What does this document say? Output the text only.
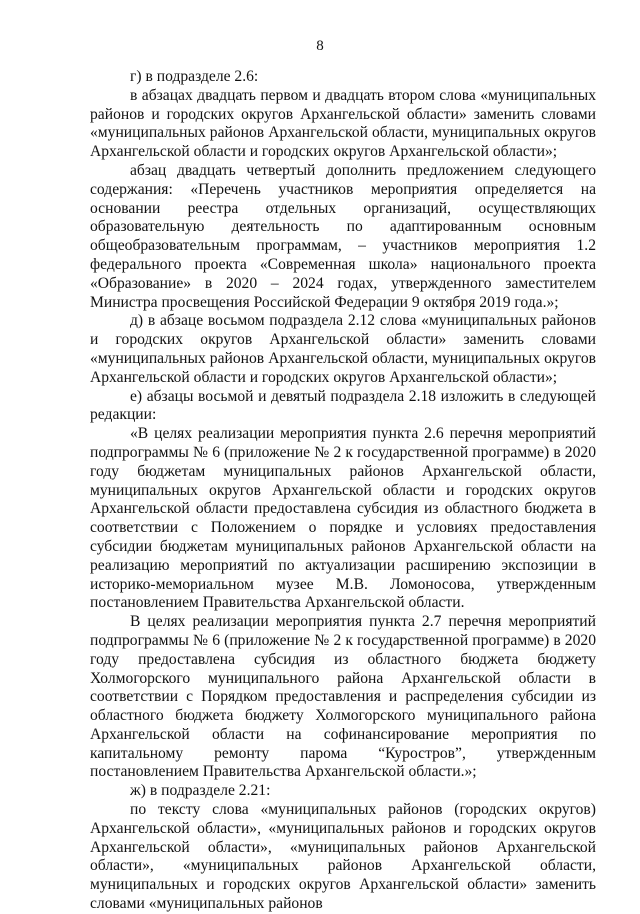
8

г) в подразделе 2.6:

в абзацах двадцать первом и двадцать втором слова «муниципальных районов и городских округов Архангельской области» заменить словами «муниципальных районов Архангельской области, муниципальных округов Архангельской области и городских округов Архангельской области»;

абзац двадцать четвертый дополнить предложением следующего содержания: «Перечень участников мероприятия определяется на основании реестра отдельных организаций, осуществляющих образовательную деятельность по адаптированным основным общеобразовательным программам, – участников мероприятия 1.2 федерального проекта «Современная школа» национального проекта «Образование» в 2020 – 2024 годах, утвержденного заместителем Министра просвещения Российской Федерации 9 октября 2019 года.»;

д) в абзаце восьмом подраздела 2.12 слова «муниципальных районов и городских округов Архангельской области» заменить словами «муниципальных районов Архангельской области, муниципальных округов Архангельской области и городских округов Архангельской области»;

е) абзацы восьмой и девятый подраздела 2.18 изложить в следующей редакции:

«В целях реализации мероприятия пункта 2.6 перечня мероприятий подпрограммы № 6 (приложение № 2 к государственной программе) в 2020 году бюджетам муниципальных районов Архангельской области, муниципальных округов Архангельской области и городских округов Архангельской области предоставлена субсидия из областного бюджета в соответствии с Положением о порядке и условиях предоставления субсидии бюджетам муниципальных районов Архангельской области на реализацию мероприятий по актуализации расширению экспозиции в историко-мемориальном музее М.В. Ломоносова, утвержденным постановлением Правительства Архангельской области.

В целях реализации мероприятия пункта 2.7 перечня мероприятий подпрограммы № 6 (приложение № 2 к государственной программе) в 2020 году предоставлена субсидия из областного бюджета бюджету Холмогорского муниципального района Архангельской области в соответствии с Порядком предоставления и распределения субсидии из областного бюджета бюджету Холмогорского муниципального района Архангельской области на софинансирование мероприятия по капитальному ремонту парома “Куростров”, утвержденным постановлением Правительства Архангельской области.»;

ж) в подразделе 2.21:

по тексту слова «муниципальных районов (городских округов) Архангельской области», «муниципальных районов и городских округов Архангельской области», «муниципальных районов Архангельской области», «муниципальных районов Архангельской области, муниципальных и городских округов Архангельской области» заменить словами «муниципальных районов
